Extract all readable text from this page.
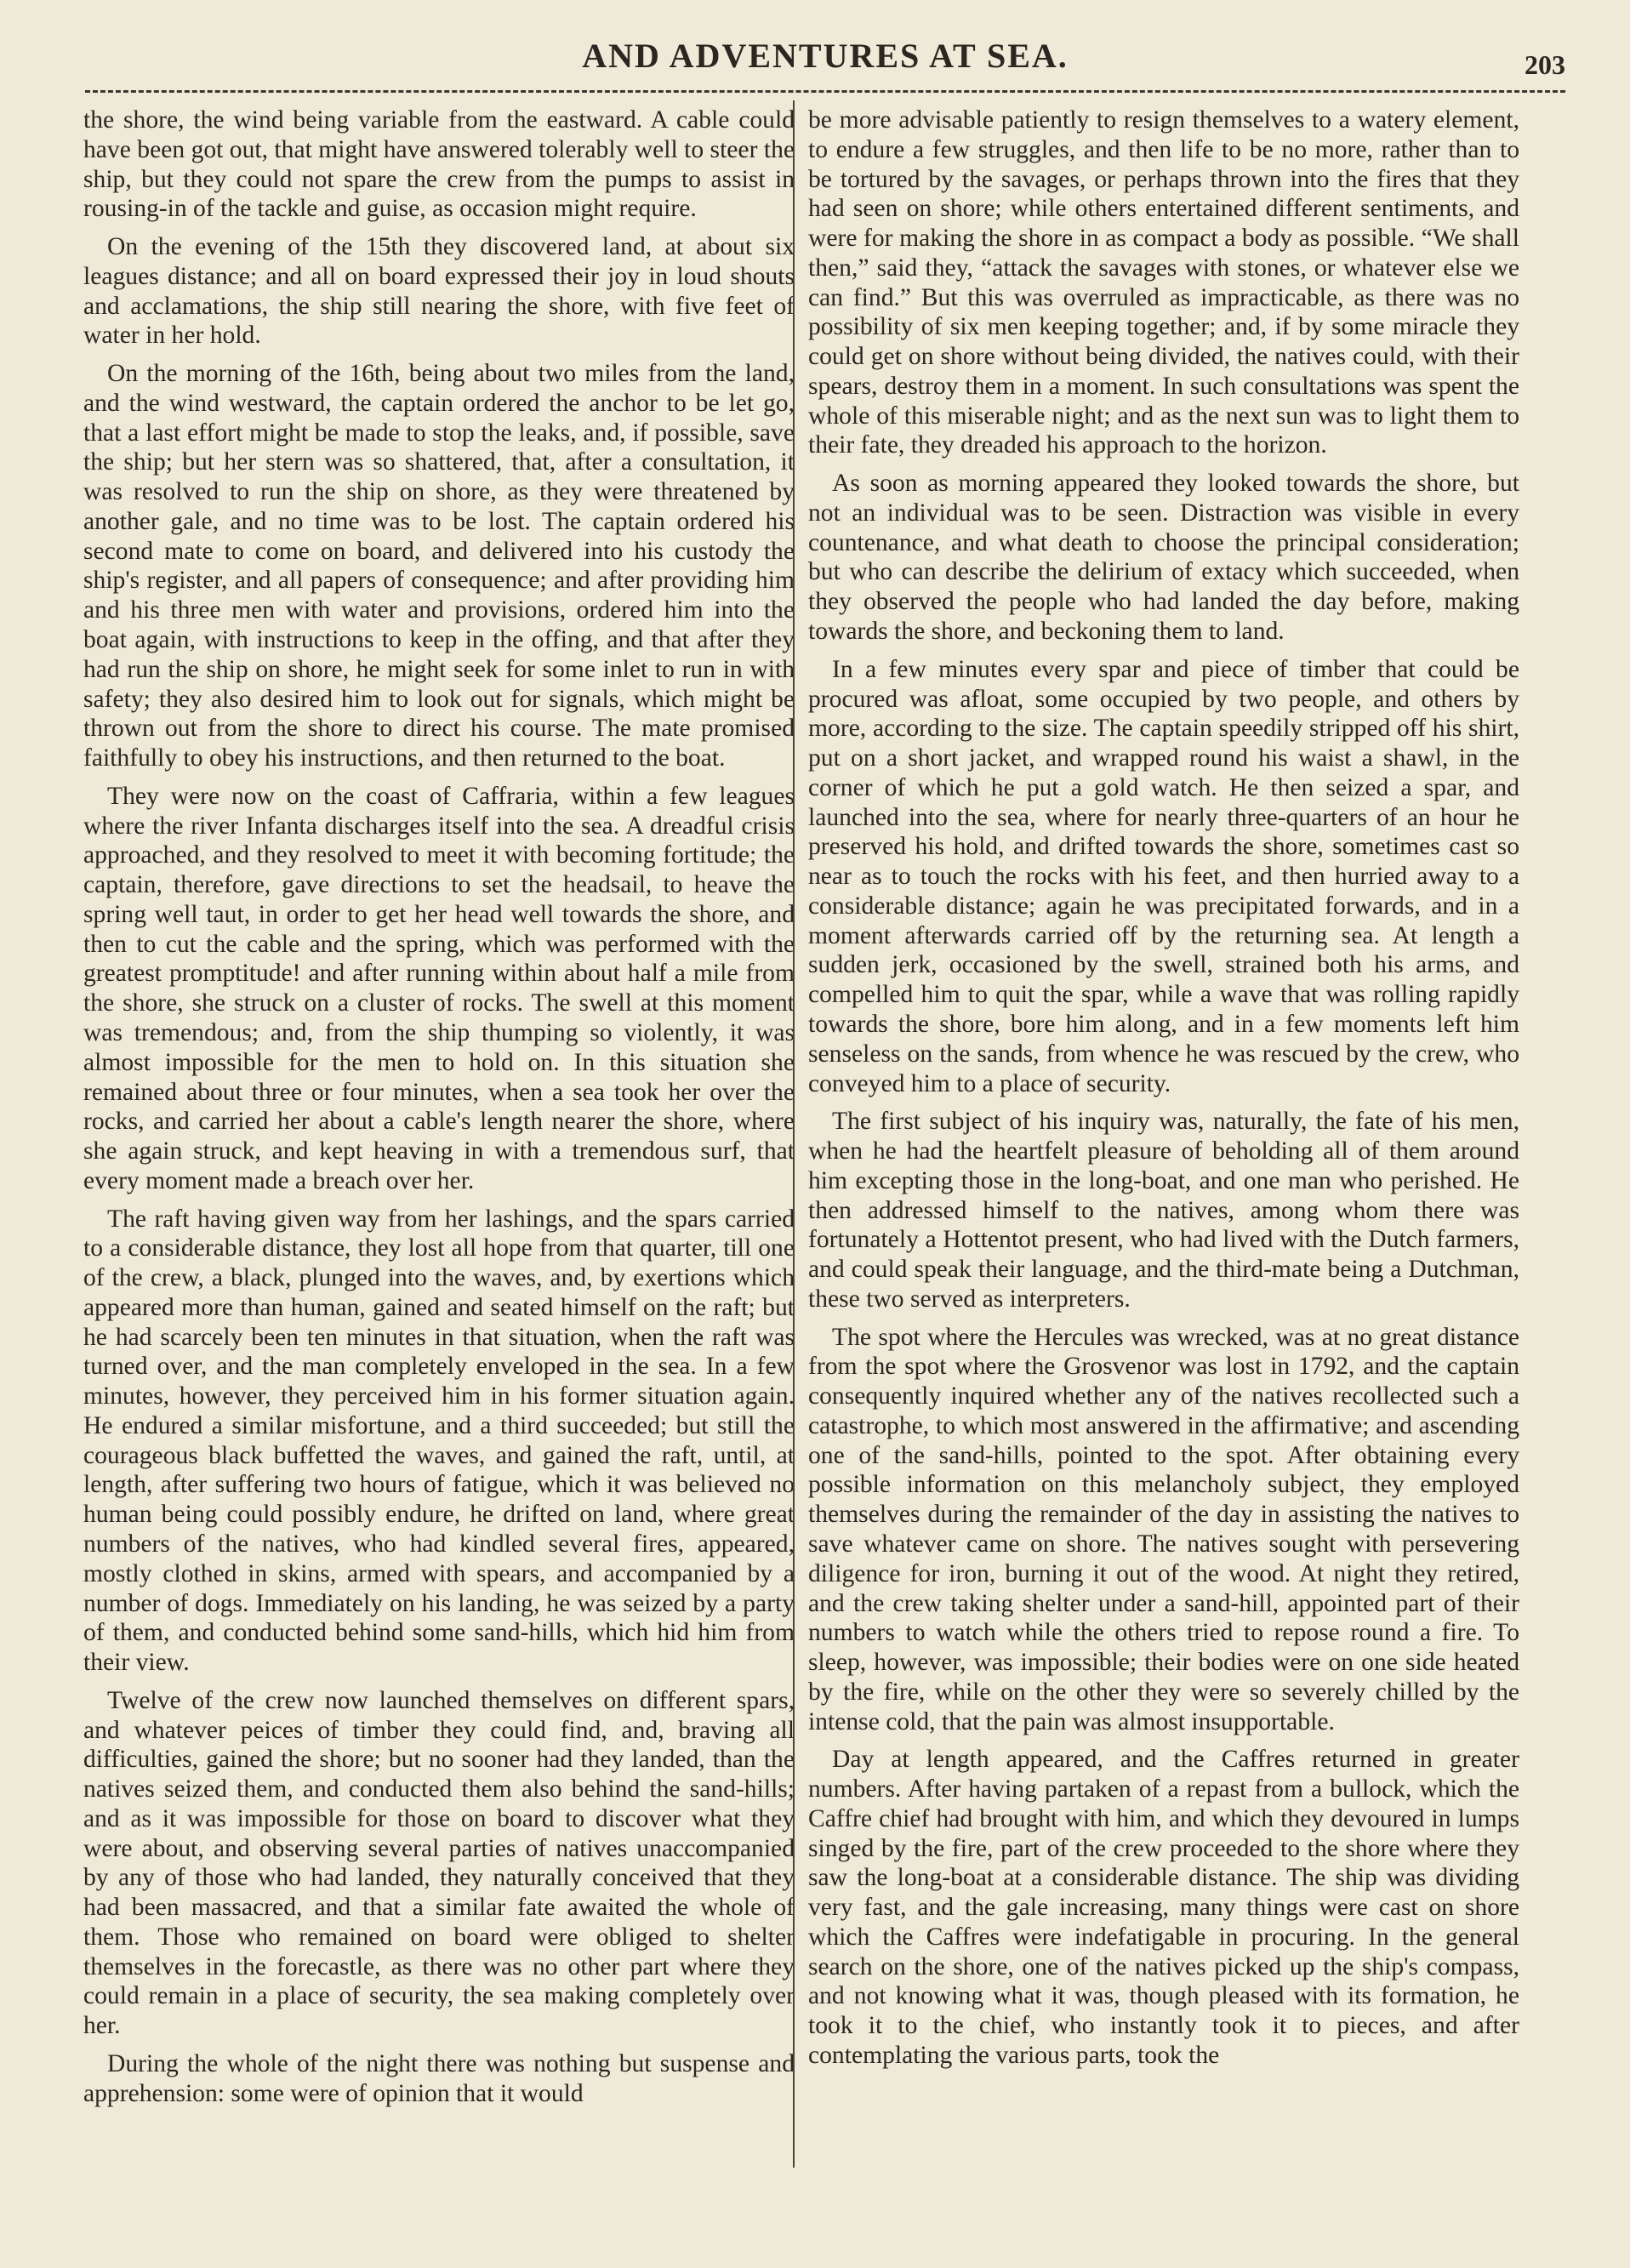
AND ADVENTURES AT SEA.	203

the shore, the wind being variable from the eastward. A cable could have been got out, that might have answered tolerably well to steer the ship, but they could not spare the crew from the pumps to assist in rousing-in of the tackle and guise, as occasion might require.

On the evening of the 15th they discovered land, at about six leagues distance; and all on board expressed their joy in loud shouts and acclamations, the ship still nearing the shore, with five feet of water in her hold.

On the morning of the 16th, being about two miles from the land, and the wind westward, the captain ordered the anchor to be let go, that a last effort might be made to stop the leaks, and, if possible, save the ship; but her stern was so shattered, that, after a consultation, it was resolved to run the ship on shore, as they were threatened by another gale, and no time was to be lost. The captain ordered his second mate to come on board, and delivered into his custody the ship's register, and all papers of consequence; and after providing him and his three men with water and provisions, ordered him into the boat again, with instructions to keep in the offing, and that after they had run the ship on shore, he might seek for some inlet to run in with safety; they also desired him to look out for signals, which might be thrown out from the shore to direct his course. The mate promised faithfully to obey his instructions, and then returned to the boat.

They were now on the coast of Caffraria, within a few leagues where the river Infanta discharges itself into the sea. A dreadful crisis approached, and they resolved to meet it with becoming fortitude; the captain, therefore, gave directions to set the headsail, to heave the spring well taut, in order to get her head well towards the shore, and then to cut the cable and the spring, which was performed with the greatest promptitude! and after running within about half a mile from the shore, she struck on a cluster of rocks. The swell at this moment was tremendous; and, from the ship thumping so violently, it was almost impossible for the men to hold on. In this situation she remained about three or four minutes, when a sea took her over the rocks, and carried her about a cable's length nearer the shore, where she again struck, and kept heaving in with a tremendous surf, that every moment made a breach over her.

The raft having given way from her lashings, and the spars carried to a considerable distance, they lost all hope from that quarter, till one of the crew, a black, plunged into the waves, and, by exertions which appeared more than human, gained and seated himself on the raft; but he had scarcely been ten minutes in that situation, when the raft was turned over, and the man completely enveloped in the sea. In a few minutes, however, they perceived him in his former situation again. He endured a similar misfortune, and a third succeeded; but still the courageous black buffetted the waves, and gained the raft, until, at length, after suffering two hours of fatigue, which it was believed no human being could possibly endure, he drifted on land, where great numbers of the natives, who had kindled several fires, appeared, mostly clothed in skins, armed with spears, and accompanied by a number of dogs. Immediately on his landing, he was seized by a party of them, and conducted behind some sand-hills, which hid him from their view.

Twelve of the crew now launched themselves on different spars, and whatever peices of timber they could find, and, braving all difficulties, gained the shore; but no sooner had they landed, than the natives seized them, and conducted them also behind the sand-hills; and as it was impossible for those on board to discover what they were about, and observing several parties of natives unaccompanied by any of those who had landed, they naturally conceived that they had been massacred, and that a similar fate awaited the whole of them. Those who remained on board were obliged to shelter themselves in the forecastle, as there was no other part where they could remain in a place of security, the sea making completely over her.

During the whole of the night there was nothing but suspense and apprehension: some were of opinion that it would

be more advisable patiently to resign themselves to a watery element, to endure a few struggles, and then life to be no more, rather than to be tortured by the savages, or perhaps thrown into the fires that they had seen on shore; while others entertained different sentiments, and were for making the shore in as compact a body as possible. “We shall then,” said they, “attack the savages with stones, or whatever else we can find.” But this was overruled as impracticable, as there was no possibility of six men keeping together; and, if by some miracle they could get on shore without being divided, the natives could, with their spears, destroy them in a moment. In such consultations was spent the whole of this miserable night; and as the next sun was to light them to their fate, they dreaded his approach to the horizon.

As soon as morning appeared they looked towards the shore, but not an individual was to be seen. Distraction was visible in every countenance, and what death to choose the principal consideration; but who can describe the delirium of extacy which succeeded, when they observed the people who had landed the day before, making towards the shore, and beckoning them to land.

In a few minutes every spar and piece of timber that could be procured was afloat, some occupied by two people, and others by more, according to the size. The captain speedily stripped off his shirt, put on a short jacket, and wrapped round his waist a shawl, in the corner of which he put a gold watch. He then seized a spar, and launched into the sea, where for nearly three-quarters of an hour he preserved his hold, and drifted towards the shore, sometimes cast so near as to touch the rocks with his feet, and then hurried away to a considerable distance; again he was precipitated forwards, and in a moment afterwards carried off by the returning sea. At length a sudden jerk, occasioned by the swell, strained both his arms, and compelled him to quit the spar, while a wave that was rolling rapidly towards the shore, bore him along, and in a few moments left him senseless on the sands, from whence he was rescued by the crew, who conveyed him to a place of security.

The first subject of his inquiry was, naturally, the fate of his men, when he had the heartfelt pleasure of beholding all of them around him excepting those in the long-boat, and one man who perished. He then addressed himself to the natives, among whom there was fortunately a Hottentot present, who had lived with the Dutch farmers, and could speak their language, and the third-mate being a Dutchman, these two served as interpreters.

The spot where the Hercules was wrecked, was at no great distance from the spot where the Grosvenor was lost in 1792, and the captain consequently inquired whether any of the natives recollected such a catastrophe, to which most answered in the affirmative; and ascending one of the sand-hills, pointed to the spot. After obtaining every possible information on this melancholy subject, they employed themselves during the remainder of the day in assisting the natives to save whatever came on shore. The natives sought with persevering diligence for iron, burning it out of the wood. At night they retired, and the crew taking shelter under a sand-hill, appointed part of their numbers to watch while the others tried to repose round a fire. To sleep, however, was impossible; their bodies were on one side heated by the fire, while on the other they were so severely chilled by the intense cold, that the pain was almost insupportable.

Day at length appeared, and the Caffres returned in greater numbers. After having partaken of a repast from a bullock, which the Caffre chief had brought with him, and which they devoured in lumps singed by the fire, part of the crew proceeded to the shore where they saw the long-boat at a considerable distance. The ship was dividing very fast, and the gale increasing, many things were cast on shore which the Caffres were indefatigable in procuring. In the general search on the shore, one of the natives picked up the ship's compass, and not knowing what it was, though pleased with its formation, he took it to the chief, who instantly took it to pieces, and after contemplating the various parts, took the
